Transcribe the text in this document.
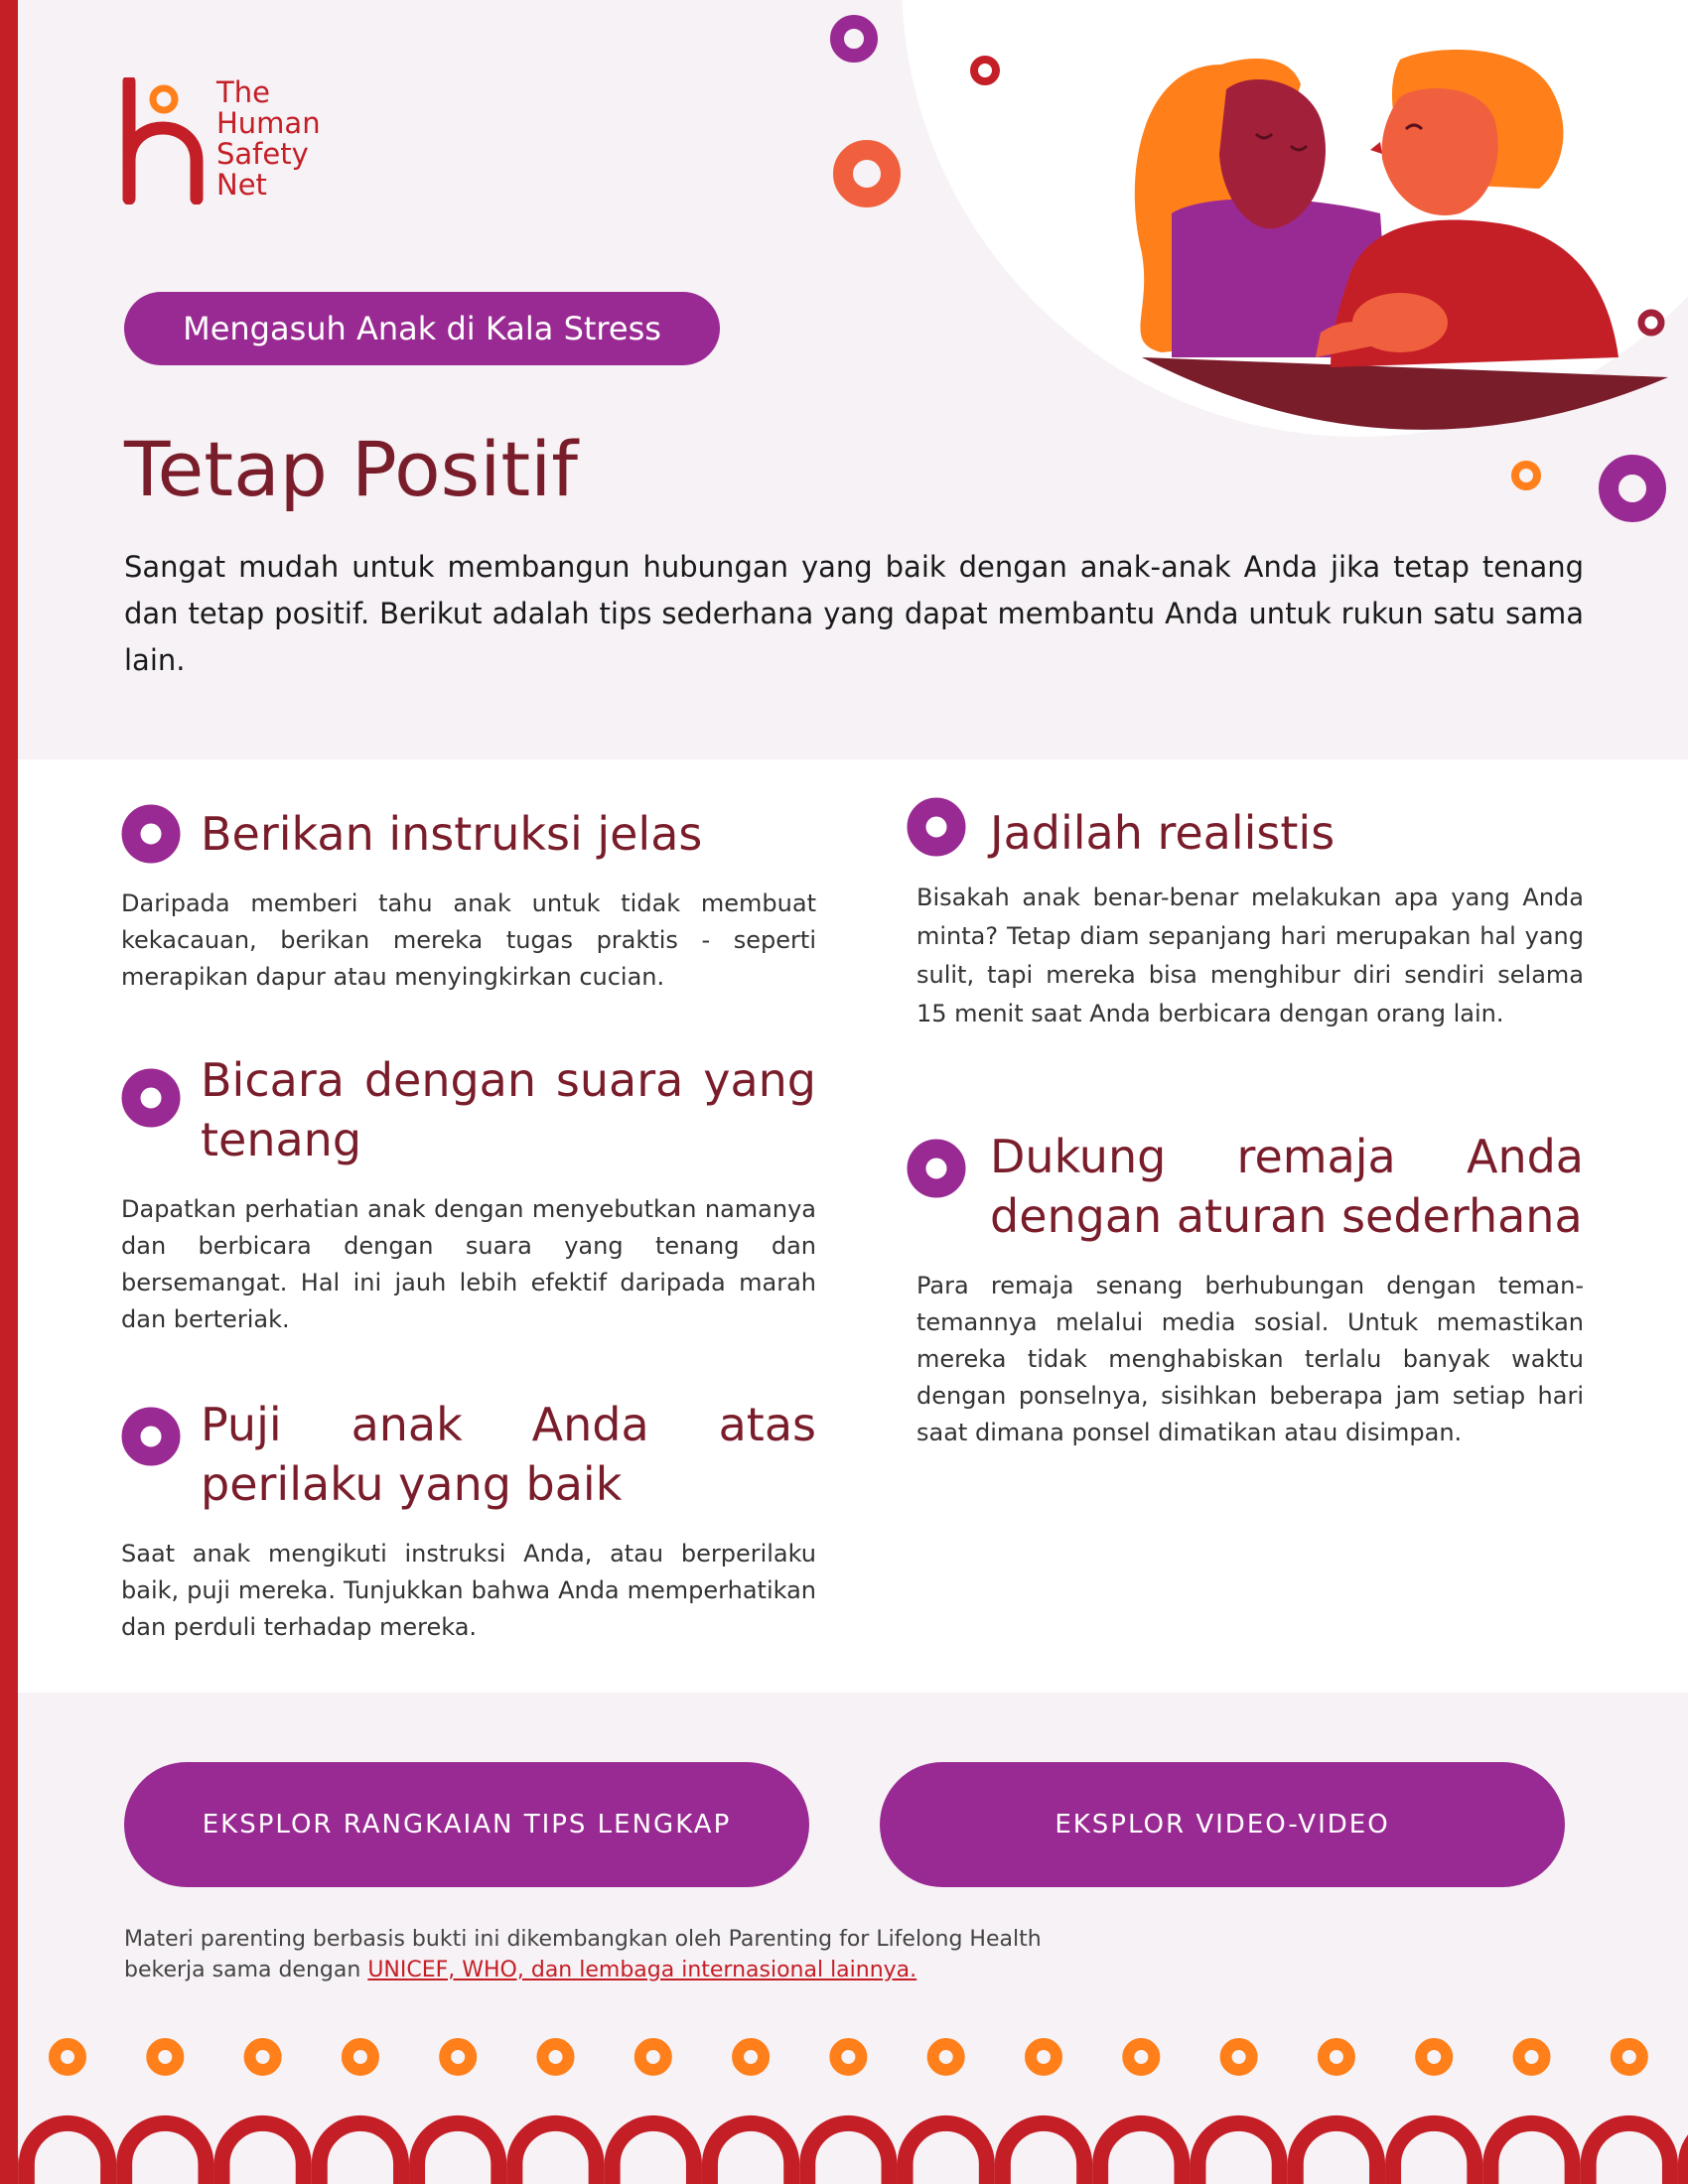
The
Human
Safety
Net
Mengasuh Anak di Kala Stress
Tetap Positif

Sangat mudah untuk membangun hubungan yang baik dengan anak-anak Anda jika tetap tenang dan tetap positif. Berikut adalah tips sederhana yang dapat membantu Anda untuk rukun satu sama lain.

Berikan instruksi jelas

Daripada memberi tahu anak untuk tidak membuat kekacauan, berikan mereka tugas praktis - seperti merapikan dapur atau menyingkirkan cucian.

Bicara dengan suara yang tenang

Dapatkan perhatian anak dengan menyebutkan namanya dan berbicara dengan suara yang tenang dan bersemangat. Hal ini jauh lebih efektif daripada marah dan berteriak.

Puji anak Anda atas perilaku yang baik

Saat anak mengikuti instruksi Anda, atau berperilaku baik, puji mereka. Tunjukkan bahwa Anda memperhatikan dan perduli terhadap mereka.

Jadilah realistis

Bisakah anak benar-benar melakukan apa yang Anda minta? Tetap diam sepanjang hari merupakan hal yang sulit, tapi mereka bisa menghibur diri sendiri selama 15 menit saat Anda berbicara dengan orang lain.

Dukung remaja Anda dengan aturan sederhana

Para remaja senang berhubungan dengan teman-temannya melalui media sosial. Untuk memastikan mereka tidak menghabiskan terlalu banyak waktu dengan ponselnya, sisihkan beberapa jam setiap hari saat dimana ponsel dimatikan atau disimpan.

EKSPLOR RANGKAIAN TIPS LENGKAP	EKSPLOR VIDEO-VIDEO
Materi parenting berbasis bukti ini dikembangkan oleh Parenting for Lifelong Health
bekerja sama dengan UNICEF, WHO, dan lembaga internasional lainnya.
